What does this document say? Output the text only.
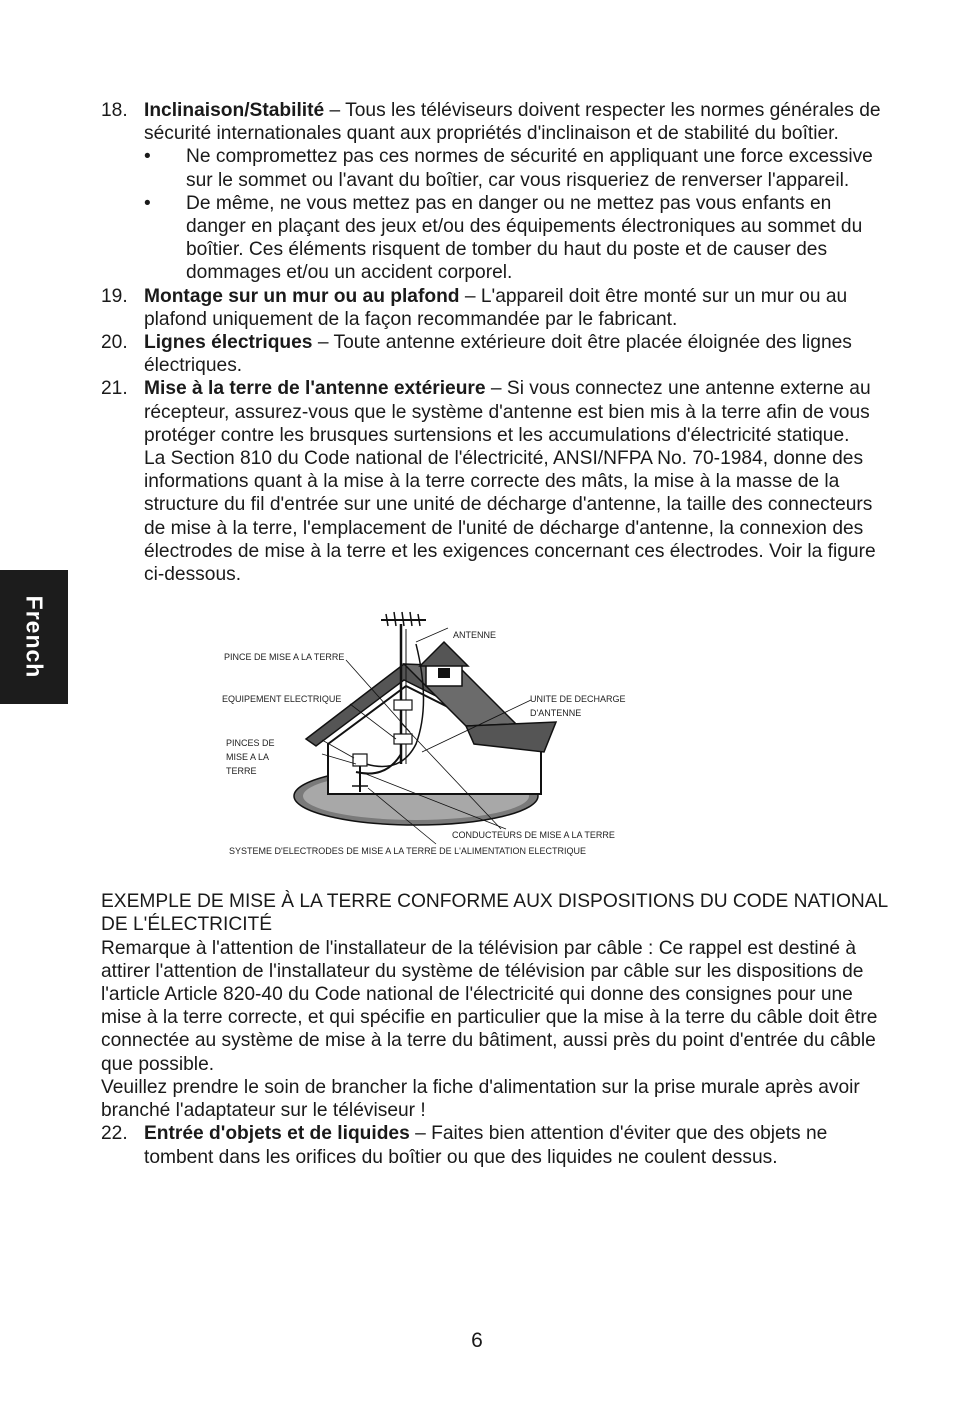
French
18. Inclinaison/Stabilité – Tous les téléviseurs doivent respecter les normes générales de sécurité internationales quant aux propriétés d'inclinaison et de stabilité du boîtier.
• Ne compromettez pas ces normes de sécurité en appliquant une force excessive sur le sommet ou l'avant du boîtier, car vous risqueriez de renverser l'appareil.
• De même, ne vous mettez pas en danger ou ne mettez pas vous enfants en danger en plaçant des jeux et/ou des équipements électroniques au sommet du boîtier. Ces éléments risquent de tomber du haut du poste et de causer des dommages et/ou un accident corporel.
19. Montage sur un mur ou au plafond – L'appareil doit être monté sur un mur ou au plafond uniquement de la façon recommandée par le fabricant.
20. Lignes électriques – Toute antenne extérieure doit être placée éloignée des lignes électriques.
21. Mise à la terre de l'antenne extérieure – Si vous connectez une antenne externe au récepteur, assurez-vous que le système d'antenne est bien mis à la terre afin de vous protéger contre les brusques surtensions et les accumulations d'électricité statique.
La Section 810 du Code national de l'électricité, ANSI/NFPA No. 70-1984, donne des informations quant à la mise à la terre correcte des mâts, la mise à la masse de la structure du fil d'entrée sur une unité de décharge d'antenne, la taille des connecteurs de mise à la terre, l'emplacement de l'unité de décharge d'antenne, la connexion des électrodes de mise à la terre et les exigences concernant ces électrodes. Voir la figure ci-dessous.
ANTENNE
PINCE DE MISE A LA TERRE
EQUIPEMENT ELECTRIQUE	UNITE DE DECHARGE
D'ANTENNE
PINCES DE
MISE A LA
TERRE
CONDUCTEURS DE MISE A LA TERRE
SYSTEME D'ELECTRODES DE MISE A LA TERRE DE L'ALIMENTATION ELECTRIQUE
EXEMPLE DE MISE À LA TERRE CONFORME AUX DISPOSITIONS DU CODE NATIONAL DE L'ÉLECTRICITÉ
Remarque à l'attention de l'installateur de la télévision par câble : Ce rappel est destiné à attirer l'attention de l'installateur du système de télévision par câble sur les dispositions de l'article Article 820-40 du Code national de l'électricité qui donne des consignes pour une mise à la terre correcte, et qui spécifie en particulier que la mise à la terre du câble doit être connectée au système de mise à la terre du bâtiment, aussi près du point d'entrée du câble que possible.
Veuillez prendre le soin de brancher la fiche d'alimentation sur la prise murale après avoir branché l'adaptateur sur le téléviseur !
22. Entrée d'objets et de liquides – Faites bien attention d'éviter que des objets ne tombent dans les orifices du boîtier ou que des liquides ne coulent dessus.
6
